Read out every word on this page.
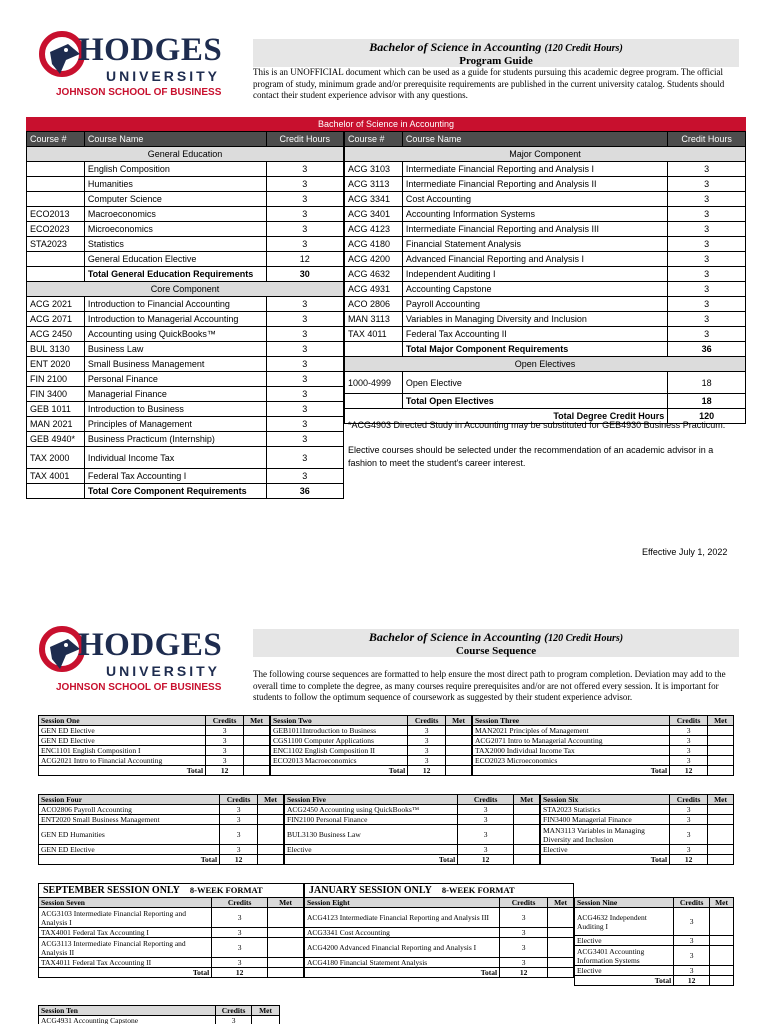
HODGES
UNIVERSITY
JOHNSON SCHOOL OF BUSINESS
Bachelor of Science in Accounting (120 Credit Hours)
Program Guide
This is an UNOFFICIAL document which can be used as a guide for students pursuing this academic degree program. The official program of study, minimum grade and/or prerequisite requirements are published in the current university catalog. Students should contact their student experience advisor with any questions.
Bachelor of Science in Accounting
Course #	Course Name	Credit Hours
General Education		
	English Composition	3
	Humanities	3
	Computer Science	3
ECO2013	Macroeconomics	3
ECO2023	Microeconomics	3
STA2023	Statistics	3
	General Education Elective	12
	Total General Education Requirements	30
Core Component		
ACG 2021	Introduction to Financial Accounting	3
ACG 2071	Introduction to Managerial Accounting	3
ACG 2450	Accounting using QuickBooks™	3
BUL 3130	Business Law	3
ENT 2020	Small Business Management	3
FIN 2100	Personal Finance	3
FIN 3400	Managerial Finance	3
GEB 1011	Introduction to Business	3
MAN 2021	Principles of Management	3
GEB 4940*	Business Practicum (Internship)	3
TAX 2000	Individual Income Tax	3
TAX 4001	Federal Tax Accounting I	3
	Total Core Component Requirements	36
Course #	Course Name	Credit Hours
Major Component		
ACG 3103	Intermediate Financial Reporting and Analysis I	3
ACG 3113	Intermediate Financial Reporting and Analysis II	3
ACG 3341	Cost Accounting	3
ACG 3401	Accounting Information Systems	3
ACG 4123	Intermediate Financial Reporting and Analysis III	3
ACG 4180	Financial Statement Analysis	3
ACG 4200	Advanced Financial Reporting and Analysis I	3
ACG 4632	Independent Auditing I	3
ACG 4931	Accounting Capstone	3
ACO 2806	Payroll Accounting	3
MAN 3113	Variables in Managing Diversity and Inclusion	3
TAX 4011	Federal Tax Accounting II	3
	Total Major Component Requirements	36
Open Electives		
1000-4999	Open Elective	18
	Total Open Electives	18
Total Degree Credit Hours		120
*ACG4903 Directed Study in Accounting may be substituted for GEB4930 Business Practicum.
Elective courses should be selected under the recommendation of an academic advisor in a fashion to meet the student's career interest.
Effective July 1, 2022
HODGES
UNIVERSITY
JOHNSON SCHOOL OF BUSINESS
Bachelor of Science in Accounting (120 Credit Hours)
Course Sequence
The following course sequences are formatted to help ensure the most direct path to program completion. Deviation may add to the overall time to complete the degree, as many courses require prerequisites and/or are not offered every session. It is important for students to follow the optimum sequence of coursework as suggested by their student experience advisor.
Session One	Credits	Met
GEN ED Elective	3	
GEN ED Elective	3	
ENC1101 English Composition I	3	
ACG2021 Intro to Financial Accounting	3	
Total	12	
Session Two	Credits	Met
GEB1011Introduction to Business	3	
CGS1100 Computer Applications	3	
ENC1102 English Composition II	3	
ECO2013 Macroeconomics	3	
Total	12	
Session Three	Credits	Met
MAN2021 Principles of Management	3	
ACG2071 Intro to Managerial Accounting	3	
TAX2000 Individual Income Tax	3	
ECO2023 Microeconomics	3	
Total	12	
Session Four	Credits	Met
ACO2806 Payroll Accounting	3	
ENT2020 Small Business Management	3	
GEN ED Humanities	3	
GEN ED Elective	3	
Total	12	
Session Five	Credits	Met
ACG2450 Accounting using QuickBooks™	3	
FIN2100 Personal Finance	3	
BUL3130 Business Law	3	
Elective	3	
Total	12	
Session Six	Credits	Met
STA2023 Statistics	3	
FIN3400 Managerial Finance	3	
MAN3113 Variables in Managing Diversity and Inclusion	3	
Elective	3	
Total	12	
Session Seven	Credits	Met
ACG3103 Intermediate Financial Reporting and Analysis I	3	
TAX4001 Federal Tax Accounting I	3	
ACG3113 Intermediate Financial Reporting and Analysis II	3	
TAX4011 Federal Tax Accounting II	3	
Total	12	
Session Eight	Credits	Met
ACG4123 Intermediate Financial Reporting and Analysis III	3	
ACG3341 Cost Accounting	3	
ACG4200 Advanced Financial Reporting and Analysis I	3	
ACG4180 Financial Statement Analysis	3	
Total	12	
Session Nine	Credits	Met
ACG4632 Independent Auditing I	3	
Elective	3	
ACG3401 Accounting Information Systems	3	
Elective	3	
Total	12	
Session Ten	Credits	Met
ACG4931 Accounting Capstone	3	
SEPTEMBER SESSION ONLY 8-WEEK FORMAT	JANUARY SESSION ONLY 8-WEEK FORMAT
